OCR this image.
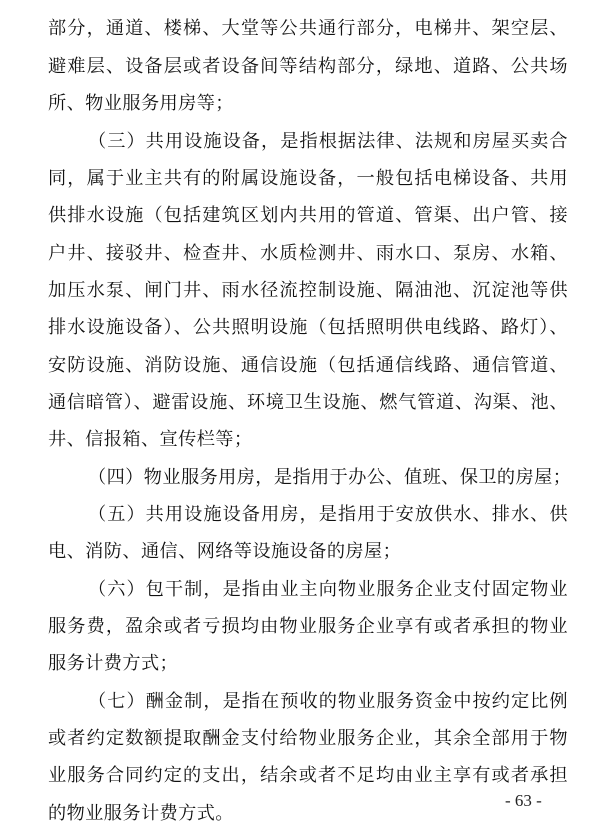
部分，通道、楼梯、大堂等公共通行部分，电梯井、架空层、
避难层、设备层或者设备间等结构部分，绿地、道路、公共场
所、物业服务用房等；
（三）共用设施设备，是指根据法律、法规和房屋买卖合
同，属于业主共有的附属设施设备，一般包括电梯设备、共用
供排水设施（包括建筑区划内共用的管道、管渠、出户管、接
户井、接驳井、检查井、水质检测井、雨水口、泵房、水箱、
加压水泵、闸门井、雨水径流控制设施、隔油池、沉淀池等供
排水设施设备）、公共照明设施（包括照明供电线路、路灯）、
安防设施、消防设施、通信设施（包括通信线路、通信管道、
通信暗管）、避雷设施、环境卫生设施、燃气管道、沟渠、池、
井、信报箱、宣传栏等；
（四）物业服务用房，是指用于办公、值班、保卫的房屋；
（五）共用设施设备用房，是指用于安放供水、排水、供
电、消防、通信、网络等设施设备的房屋；
（六）包干制，是指由业主向物业服务企业支付固定物业
服务费，盈余或者亏损均由物业服务企业享有或者承担的物业
服务计费方式；
（七）酬金制，是指在预收的物业服务资金中按约定比例
或者约定数额提取酬金支付给物业服务企业，其余全部用于物
业服务合同约定的支出，结余或者不足均由业主享有或者承担
的物业服务计费方式。
- 63 -
